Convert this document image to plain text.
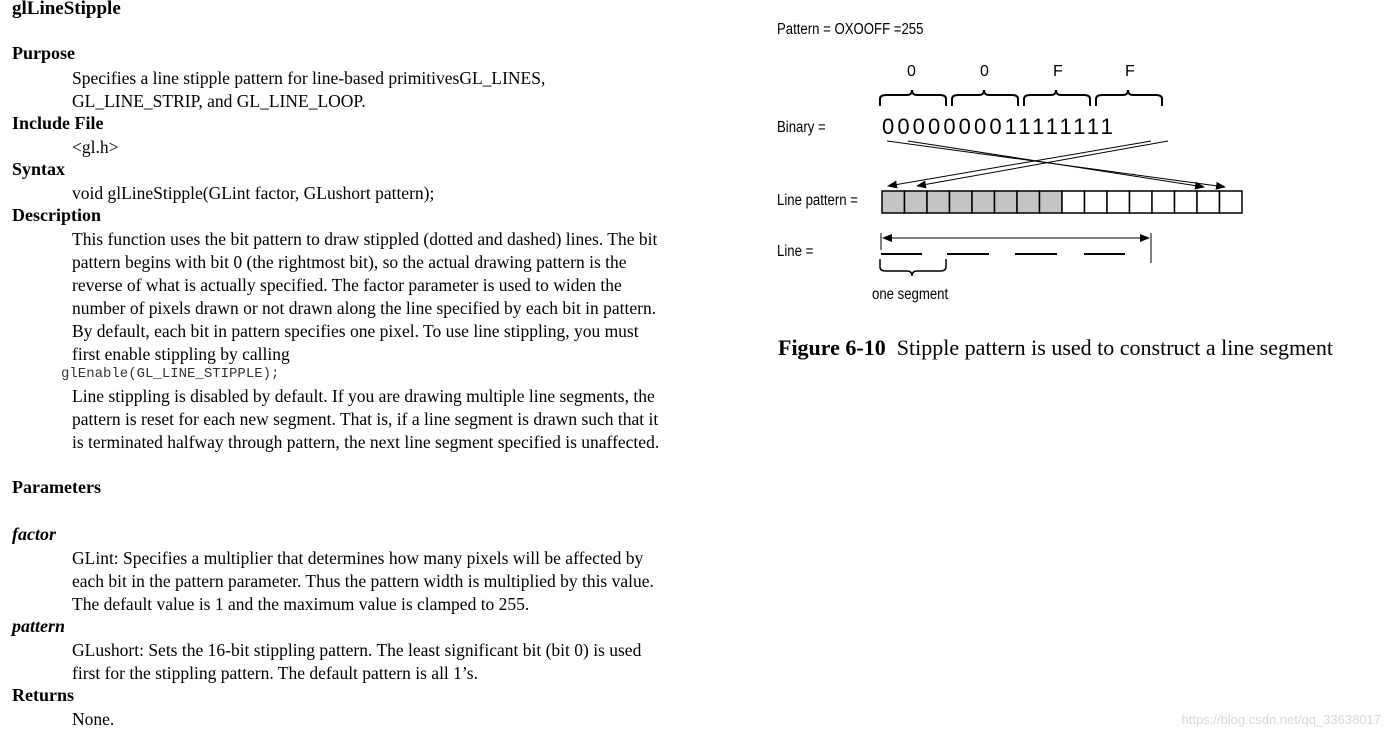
glLineStipple
Purpose

Specifies a line stipple pattern for line-based primitivesGL_LINES,

GL_LINE_STRIP, and GL_LINE_LOOP.

Include File

<gl.h>

Syntax

void glLineStipple(GLint factor, GLushort pattern);

Description

This function uses the bit pattern to draw stippled (dotted and dashed) lines. The bit

pattern begins with bit 0 (the rightmost bit), so the actual drawing pattern is the

reverse of what is actually specified. The factor parameter is used to widen the

number of pixels drawn or not drawn along the line specified by each bit in pattern.

By default, each bit in pattern specifies one pixel. To use line stippling, you must

first enable stippling by calling

glEnable(GL_LINE_STIPPLE);

Line stippling is disabled by default. If you are drawing multiple line segments, the

pattern is reset for each new segment. That is, if a line segment is drawn such that it

is terminated halfway through pattern, the next line segment specified is unaffected.

Parameters
factor

GLint: Specifies a multiplier that determines how many pixels will be affected by

each bit in the pattern parameter. Thus the pattern width is multiplied by this value.

The default value is 1 and the maximum value is clamped to 255.

pattern

GLushort: Sets the 16-bit stippling pattern. The least significant bit (bit 0) is used

first for the stippling pattern. The default pattern is all 1’s.

Returns

None.

Pattern = OXOOFF =255
0	0	F	F
Binary =	0000000011111111
Line pattern =
Line =
one segment
Figure 6-10 Stipple pattern is used to construct a line segment
https://blog.csdn.net/qq_33638017
